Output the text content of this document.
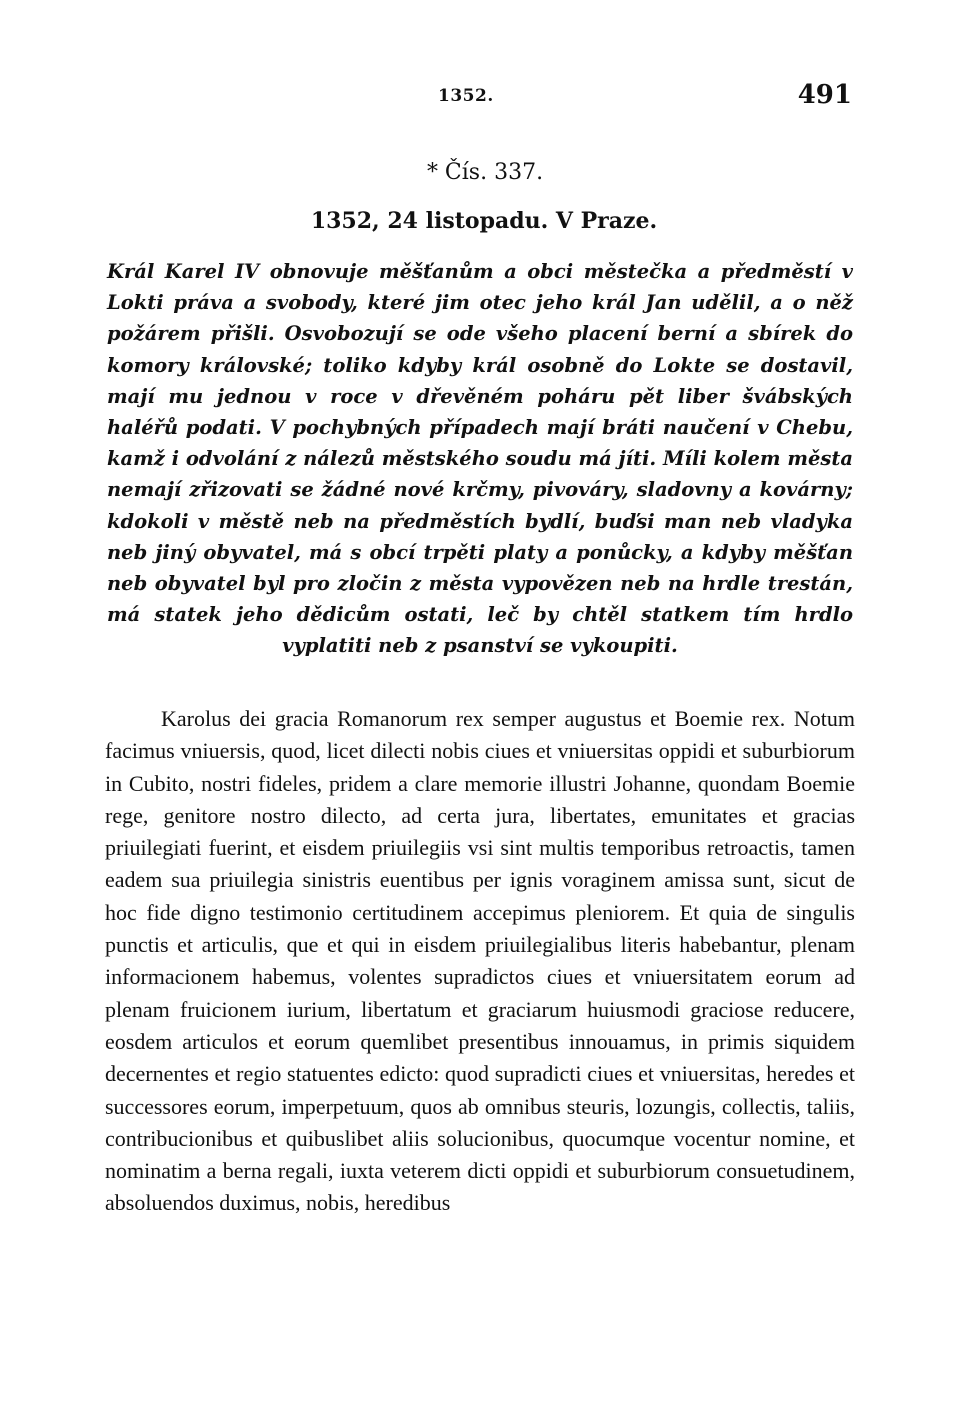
1352.	491
* Čís. 337.
1352, 24 listopadu. V Praze.
Král Karel IV obnovuje měšťanům a obci městečka a předměstí v Lokti práva a svobody, které jim otec jeho král Jan udělil, a o něž požárem přišli. Osvobozují se ode všeho placení berní a sbírek do komory královské; toliko kdyby král osobně do Lokte se dostavil, mají mu jednou v roce v dřevěném poháru pět liber švábských haléřů podati. V pochybných případech mají bráti naučení v Chebu, kamž i odvolání z nálezů městského soudu má jíti. Míli kolem města nemají zřizovati se žádné nové krčmy, pivováry, sladovny a kovárny; kdokoli v městě neb na předměstích bydlí, buďsi man neb vladyka neb jiný obyvatel, má s obcí trpěti platy a ponůcky, a kdyby měšťan neb obyvatel byl pro zločin z města vypovězen neb na hrdle trestán, má statek jeho dědicům ostati, leč by chtěl statkem tím hrdlo vyplatiti neb z psanství se vykoupiti.
Karolus dei gracia Romanorum rex semper augustus et Boemie rex. Notum facimus vniuersis, quod, licet dilecti nobis ciues et vniuersitas oppidi et suburbiorum in Cubito, nostri fideles, pridem a clare memorie illustri Johanne, quondam Boemie rege, genitore nostro dilecto, ad certa jura, libertates, emunitates et gracias priuilegiati fuerint, et eisdem priuilegiis vsi sint multis temporibus retroactis, tamen eadem sua priuilegia sinistris euentibus per ignis voraginem amissa sunt, sicut de hoc fide digno testimonio certitudinem accepimus pleniorem. Et quia de singulis punctis et articulis, que et qui in eisdem priuilegialibus literis habebantur, plenam informacionem habemus, volentes supradictos ciues et vniuersitatem eorum ad plenam fruicionem iurium, libertatum et graciarum huiusmodi graciose reducere, eosdem articulos et eorum quemlibet presentibus innouamus, in primis siquidem decernentes et regio statuentes edicto: quod supradicti ciues et vniuersitas, heredes et successores eorum, imperpetuum, quos ab omnibus steuris, lozungis, collectis, taliis, contribucionibus et quibuslibet aliis solucionibus, quocumque vocentur nomine, et nominatim a berna regali, iuxta veterem dicti oppidi et suburbiorum consuetudinem, absoluendos duximus, nobis, heredibus
